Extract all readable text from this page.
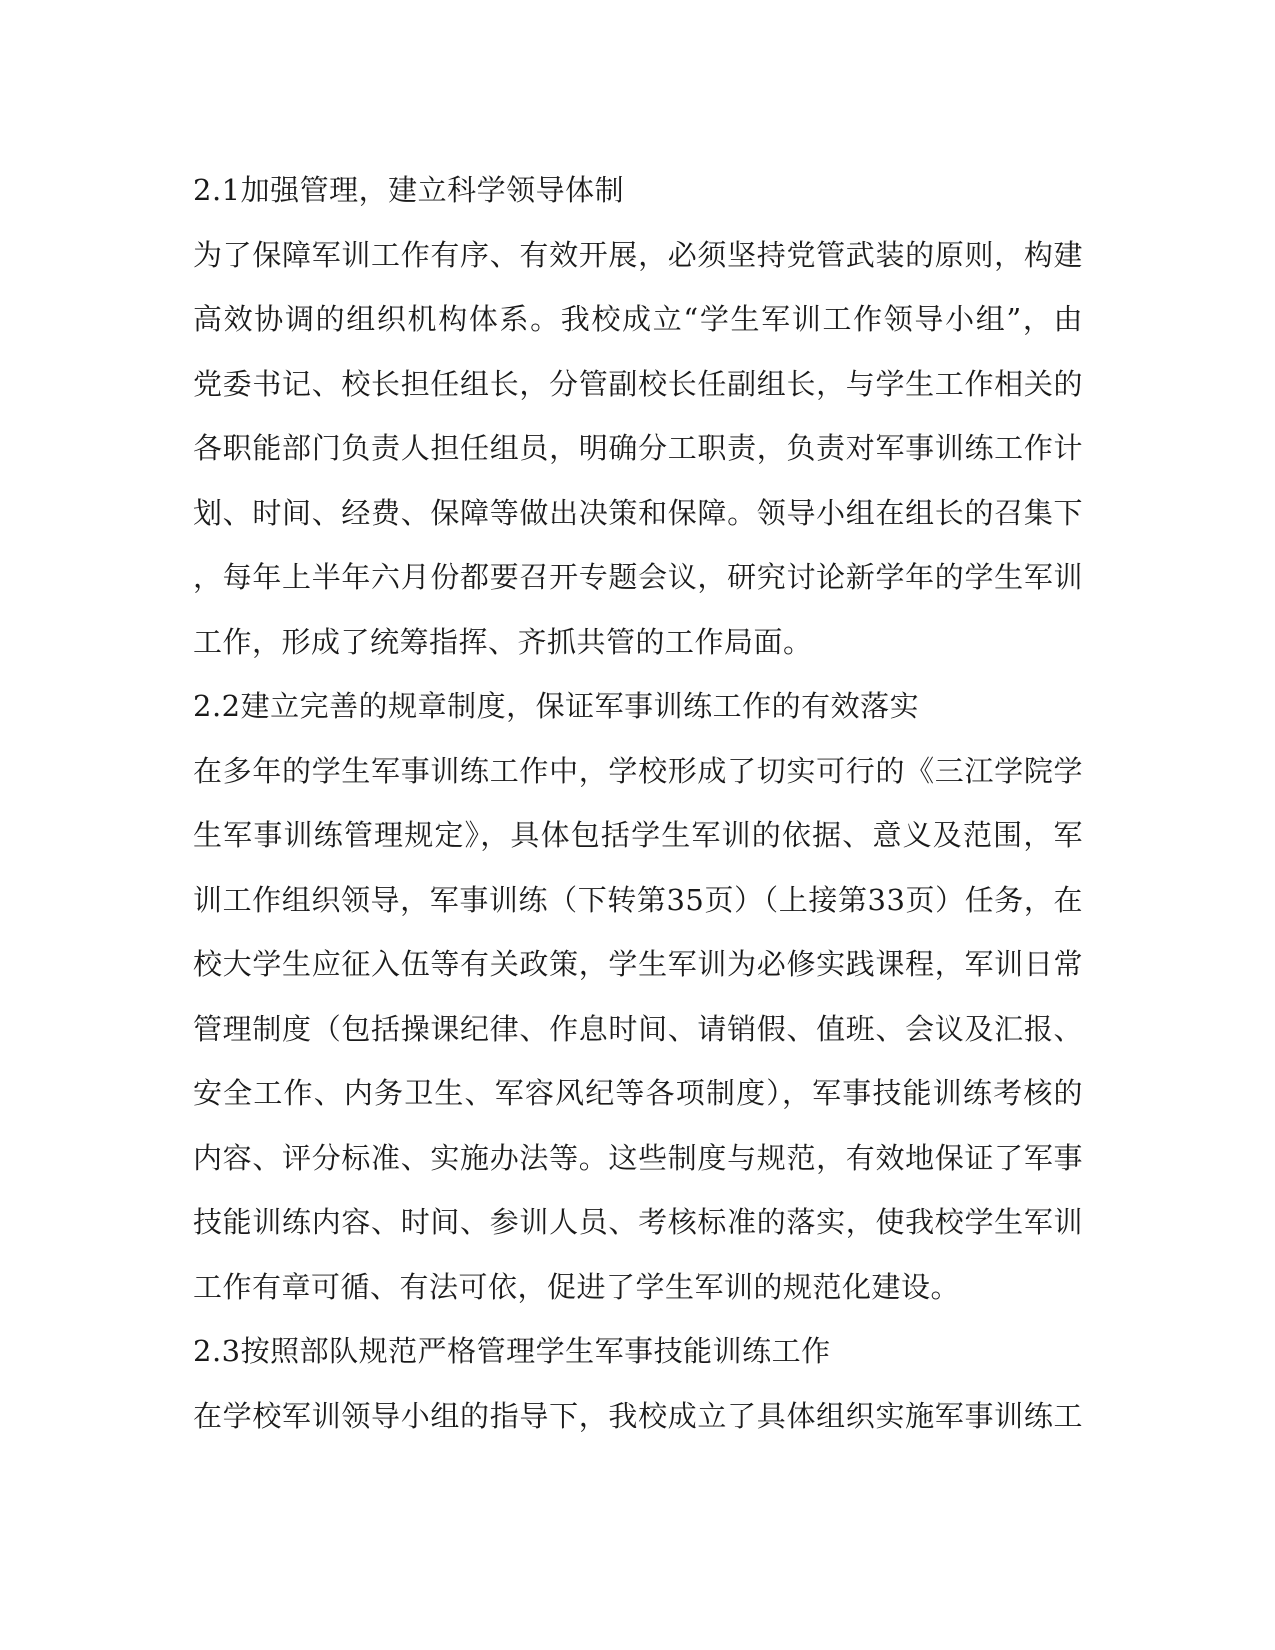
2.1加强管理，建立科学领导体制
为了保障军训工作有序、有效开展，必须坚持党管武装的原则，构建
高效协调的组织机构体系。我校成立“学生军训工作领导小组”，由
党委书记、校长担任组长，分管副校长任副组长，与学生工作相关的
各职能部门负责人担任组员，明确分工职责，负责对军事训练工作计
划、时间、经费、保障等做出决策和保障。领导小组在组长的召集下
，每年上半年六月份都要召开专题会议，研究讨论新学年的学生军训
工作，形成了统筹指挥、齐抓共管的工作局面。
2.2建立完善的规章制度，保证军事训练工作的有效落实
在多年的学生军事训练工作中，学校形成了切实可行的《三江学院学
生军事训练管理规定》，具体包括学生军训的依据、意义及范围，军
训工作组织领导，军事训练（下转第35页）（上接第33页）任务，在
校大学生应征入伍等有关政策，学生军训为必修实践课程，军训日常
管理制度（包括操课纪律、作息时间、请销假、值班、会议及汇报、
安全工作、内务卫生、军容风纪等各项制度），军事技能训练考核的
内容、评分标准、实施办法等。这些制度与规范，有效地保证了军事
技能训练内容、时间、参训人员、考核标准的落实，使我校学生军训
工作有章可循、有法可依，促进了学生军训的规范化建设。
2.3按照部队规范严格管理学生军事技能训练工作
在学校军训领导小组的指导下，我校成立了具体组织实施军事训练工
